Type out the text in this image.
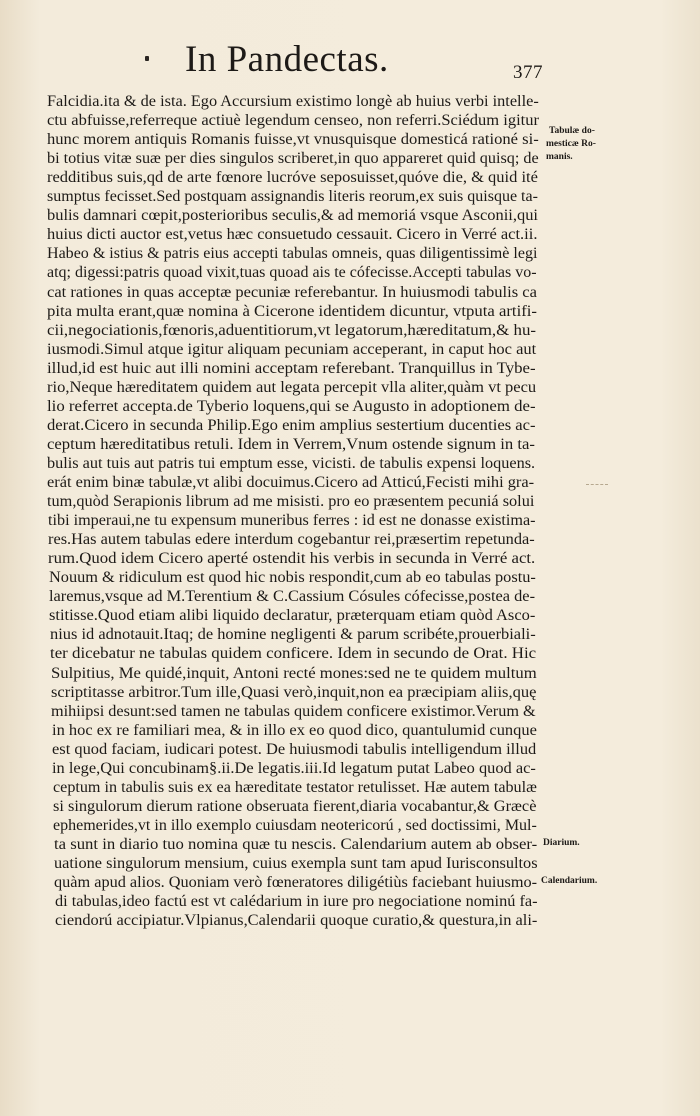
In Pandectas.	377
Falcidia.ita & de ista. Ego Accursium existimo longè ab huius verbi intelle-
ctu abfuisse,referreque actiuè legendum censeo, non referri.Sciédum igitur
hunc morem antiquis Romanis fuisse,vt vnusquisque domesticá rationé si-
bi totius vitæ suæ per dies singulos scriberet,in quo appareret quid quisq; de
redditibus suis,qd de arte fœnore lucróve seposuisset,quóve die, & quid ité
sumptus fecisset.Sed postquam assignandis literis reorum,ex suis quisque ta-
bulis damnari cœpit,posterioribus seculis,& ad memoriá vsque Asconii,qui
huius dicti auctor est,vetus hæc consuetudo cessauit. Cicero in Verré act.ii.
Habeo & istius & patris eius accepti tabulas omneis, quas diligentissimè legi
atq; digessi:patris quoad vixit,tuas quoad ais te cófecisse.Accepti tabulas vo-
cat rationes in quas acceptæ pecuniæ referebantur. In huiusmodi tabulis ca
pita multa erant,quæ nomina à Cicerone identidem dicuntur, vtputa artifi-
cii,negociationis,fœnoris,aduentitiorum,vt legatorum,hæreditatum,& hu-
iusmodi.Simul atque igitur aliquam pecuniam acceperant, in caput hoc aut
illud,id est huic aut illi nomini acceptam referebant. Tranquillus in Tybe-
rio,Neque hæreditatem quidem aut legata percepit vlla aliter,quàm vt pecu
lio referret accepta.de Tyberio loquens,qui se Augusto in adoptionem de-
derat.Cicero in secunda Philip.Ego enim amplius sestertium ducenties ac-
ceptum hæreditatibus retuli. Idem in Verrem,Vnum ostende signum in ta-
bulis aut tuis aut patris tui emptum esse, vicisti. de tabulis expensi loquens.
erát enim binæ tabulæ,vt alibi docuimus.Cicero ad Atticú,Fecisti mihi gra-
tum,quòd Serapionis librum ad me misisti. pro eo præsentem pecuniá solui
tibi imperaui,ne tu expensum muneribus ferres : id est ne donasse existima-
res.Has autem tabulas edere interdum cogebantur rei,præsertim repetunda-
rum.Quod idem Cicero aperté ostendit his verbis in secunda in Verré act.
Nouum & ridiculum est quod hic nobis respondit,cum ab eo tabulas postu-
laremus,vsque ad M.Terentium & C.Cassium Cósules cófecisse,postea de-
stitisse.Quod etiam alibi liquido declaratur, præterquam etiam quòd Asco-
nius id adnotauit.Itaq; de homine negligenti & parum scribéte,prouerbiali-
ter dicebatur ne tabulas quidem conficere. Idem in secundo de Orat. Hic
Sulpitius, Me quidé,inquit, Antoni recté mones:sed ne te quidem multum
scriptitasse arbitror.Tum ille,Quasi verò,inquit,non ea præcipiam aliis,quę
mihiipsi desunt:sed tamen ne tabulas quidem conficere existimor.Verum &
in hoc ex re familiari mea, & in illo ex eo quod dico, quantulumid cunque
est quod faciam, iudicari potest. De huiusmodi tabulis intelligendum illud
in lege,Qui concubinam§.ii.De legatis.iii.Id legatum putat Labeo quod ac-
ceptum in tabulis suis ex ea hæreditate testator retulisset. Hæ autem tabulæ
si singulorum dierum ratione obseruata fierent,diaria vocabantur,& Græcè
ephemerides,vt in illo exemplo cuiusdam neotericorú , sed doctissimi, Mul-
ta sunt in diario tuo nomina quæ tu nescis. Calendarium autem ab obser-
uatione singulorum mensium, cuius exempla sunt tam apud Iurisconsultos
quàm apud alios. Quoniam verò fœneratores diligétiùs faciebant huiusmo-
di tabulas,ideo factú est vt calédarium in iure pro negociatione nominú fa-
ciendorú accipiatur.Vlpianus,Calendarii quoque curatio,& questura,in ali-
Tabulæ do-
mesticæ Ro-
manis.
Diarium.
Calendarium.
